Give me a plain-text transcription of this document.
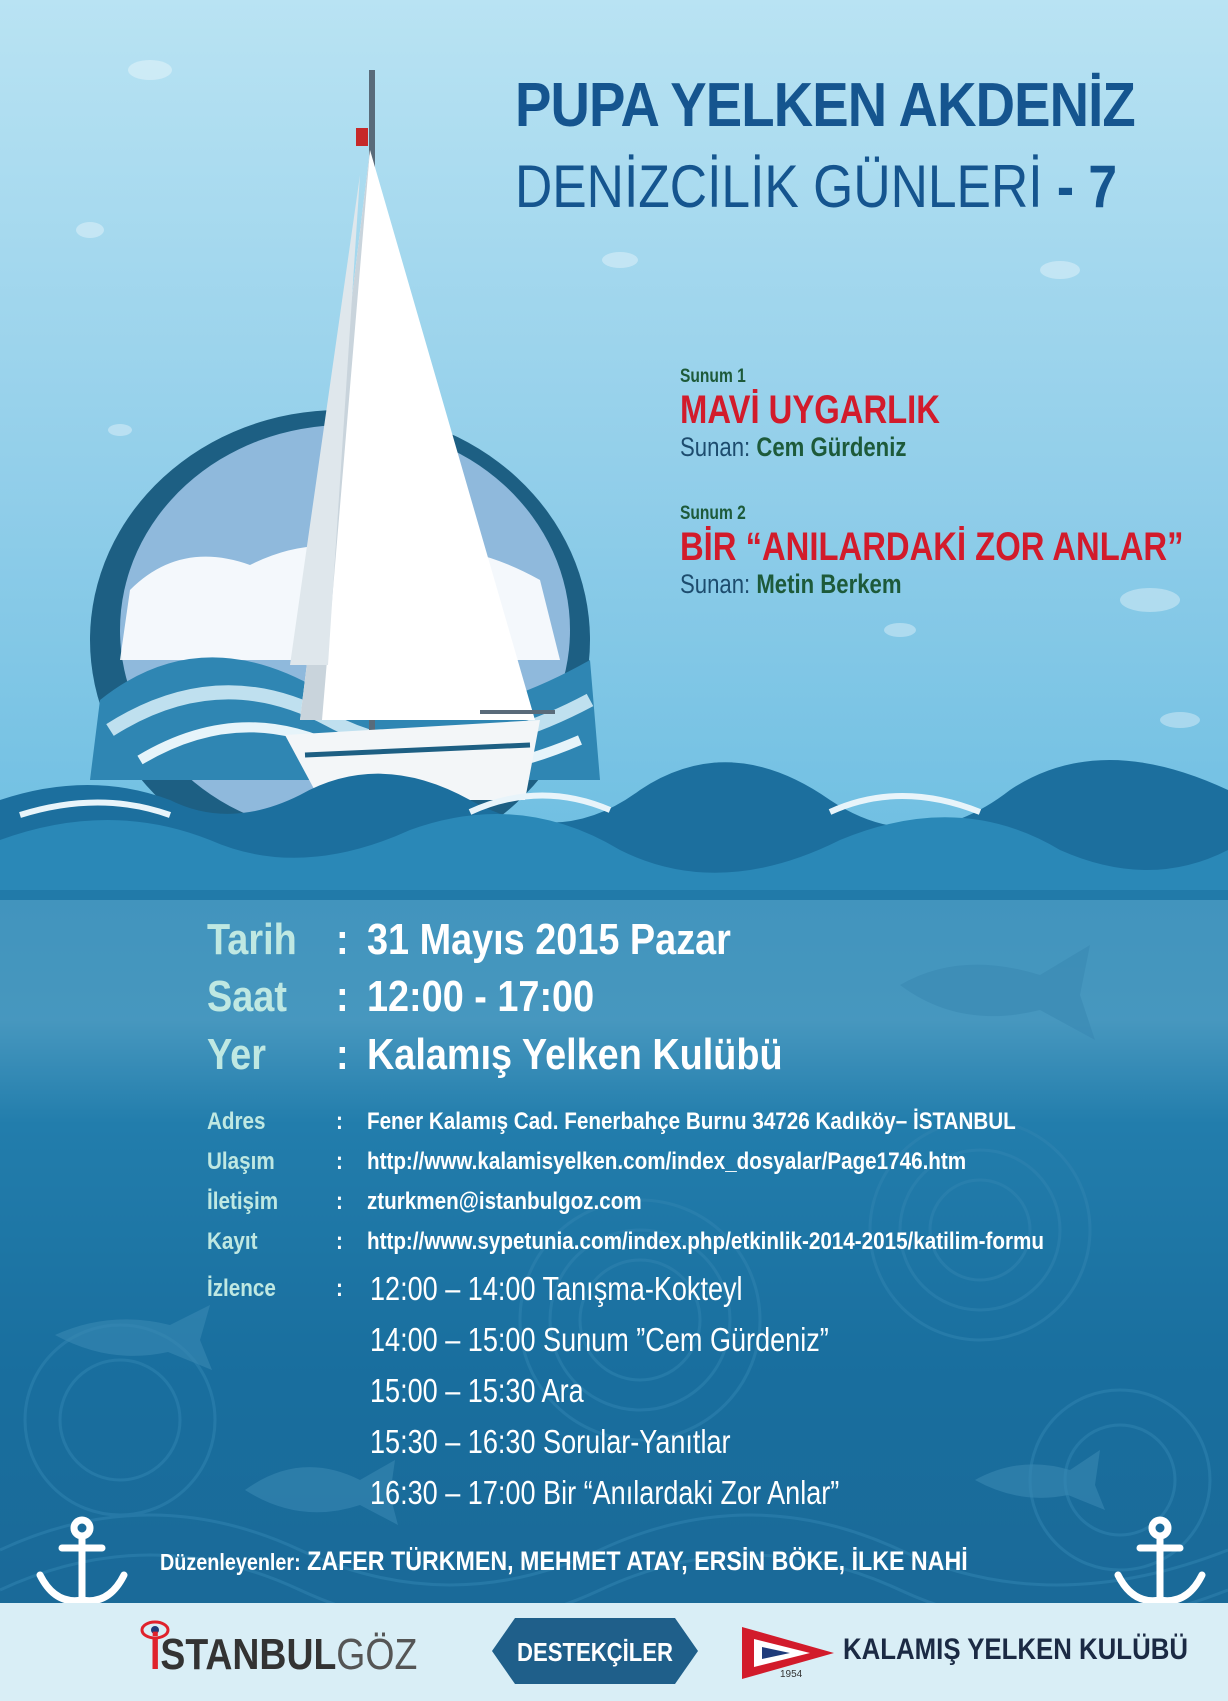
PUPA YELKEN AKDENİZ
DENİZCİLİK GÜNLERİ - 7
Sunum 1
MAVİ UYGARLIK
Sunan: Cem Gürdeniz
Sunum 2
BİR “ANILARDAKİ ZOR ANLAR”
Sunan: Metin Berkem
Tarih : 31 Mayıs 2015 Pazar
Saat : 12:00 - 17:00
Yer : Kalamış Yelken Kulübü
Adres	: Fener Kalamış Cad. Fenerbahçe Burnu 34726 Kadıköy– İSTANBUL
Ulaşım	: http://www.kalamisyelken.com/index_dosyalar/Page1746.htm
İletişim : zturkmen@istanbulgoz.com
Kayıt	: http://www.sypetunia.com/index.php/etkinlik-2014-2015/katilim-formu
İzlence	: 12:00 – 14:00 Tanışma-Kokteyl
14:00 – 15:00 Sunum ”Cem Gürdeniz”
15:00 – 15:30 Ara
15:30 – 16:30 Sorular-Yanıtlar
16:30 – 17:00 Bir “Anılardaki Zor Anlar”
Düzenleyenler: ZAFER TÜRKMEN, MEHMET ATAY, ERSİN BÖKE, İLKE NAHİ
İSTANBULGÖZ	DESTEKÇİLER
1954
KALAMIŞ YELKEN KULÜBÜ
